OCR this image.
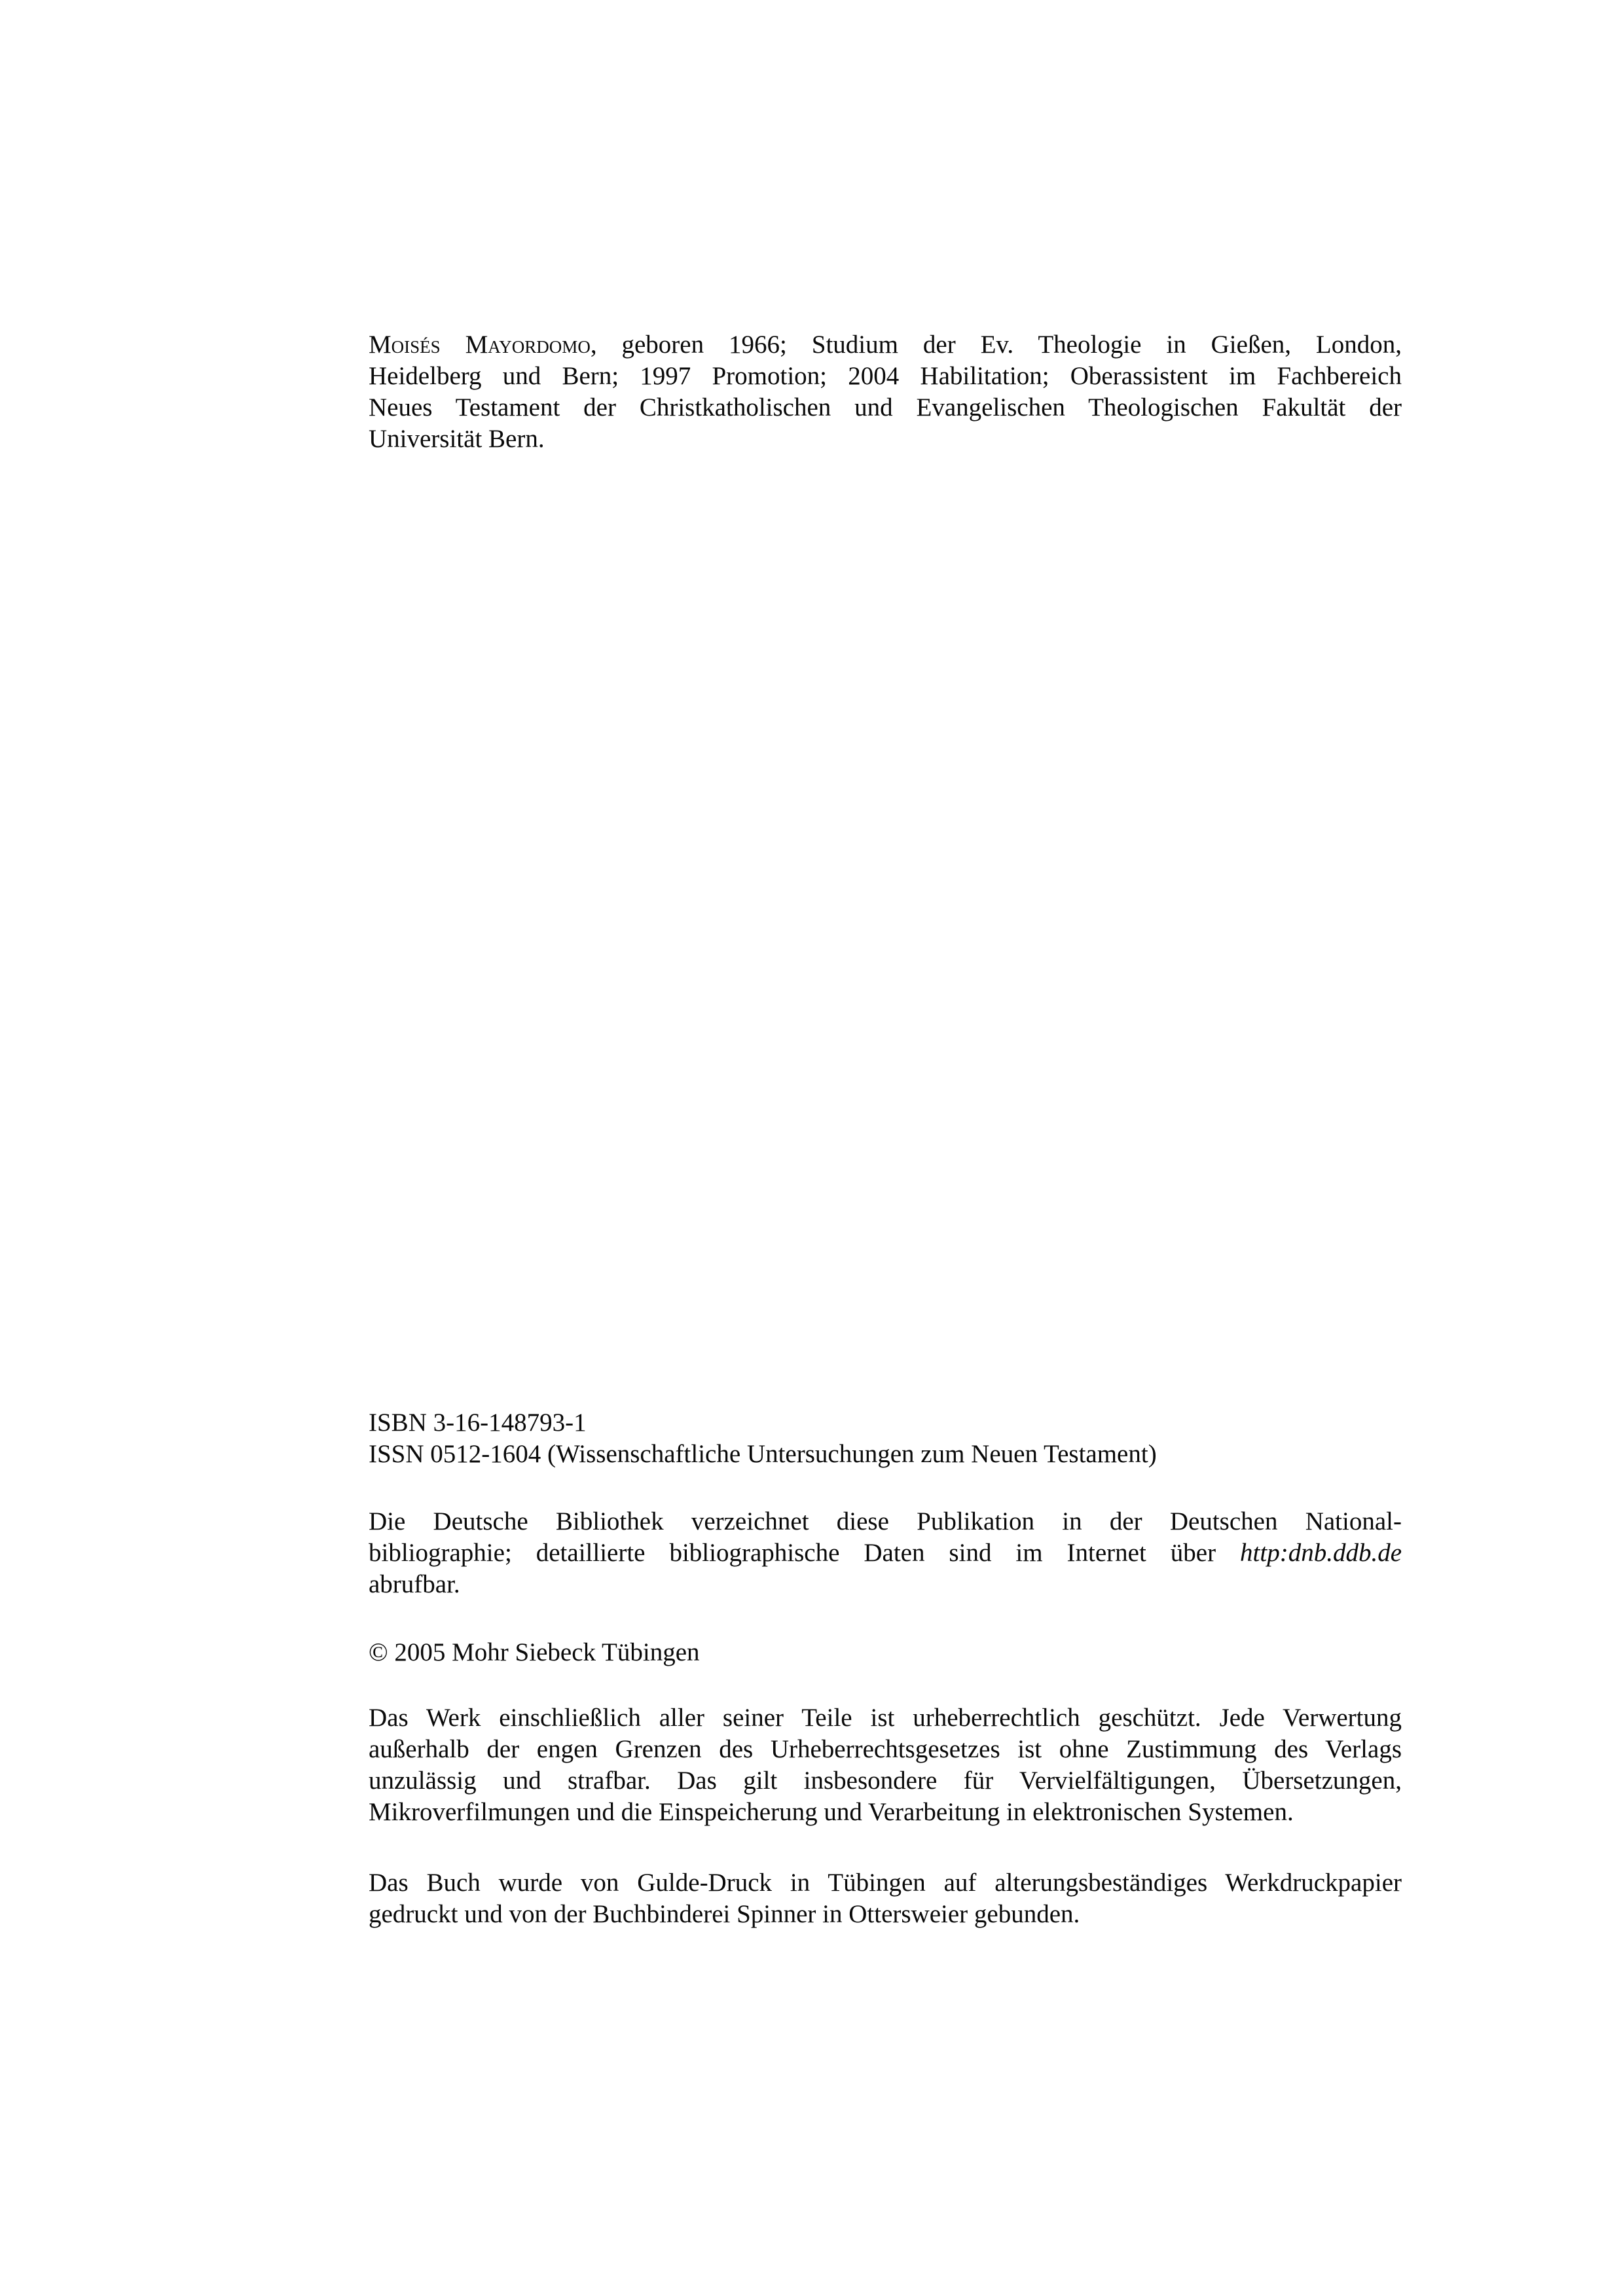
Moisés Mayordomo, geboren 1966; Studium der Ev. Theologie in Gießen, London,
Heidelberg und Bern; 1997 Promotion; 2004 Habilitation; Oberassistent im Fachbereich
Neues Testament der Christkatholischen und Evangelischen Theologischen Fakultät der
Universität Bern.
ISBN 3-16-148793-1
ISSN 0512-1604 (Wissenschaftliche Untersuchungen zum Neuen Testament)
Die Deutsche Bibliothek verzeichnet diese Publikation in der Deutschen National-
bibliographie; detaillierte bibliographische Daten sind im Internet über http:dnb.ddb.de
abrufbar.
© 2005 Mohr Siebeck Tübingen
Das Werk einschließlich aller seiner Teile ist urheberrechtlich geschützt. Jede Verwertung
außerhalb der engen Grenzen des Urheberrechtsgesetzes ist ohne Zustimmung des Verlags
unzulässig und strafbar. Das gilt insbesondere für Vervielfältigungen, Übersetzungen,
Mikroverfilmungen und die Einspeicherung und Verarbeitung in elektronischen Systemen.
Das Buch wurde von Gulde-Druck in Tübingen auf alterungsbeständiges Werkdruckpapier
gedruckt und von der Buchbinderei Spinner in Ottersweier gebunden.
